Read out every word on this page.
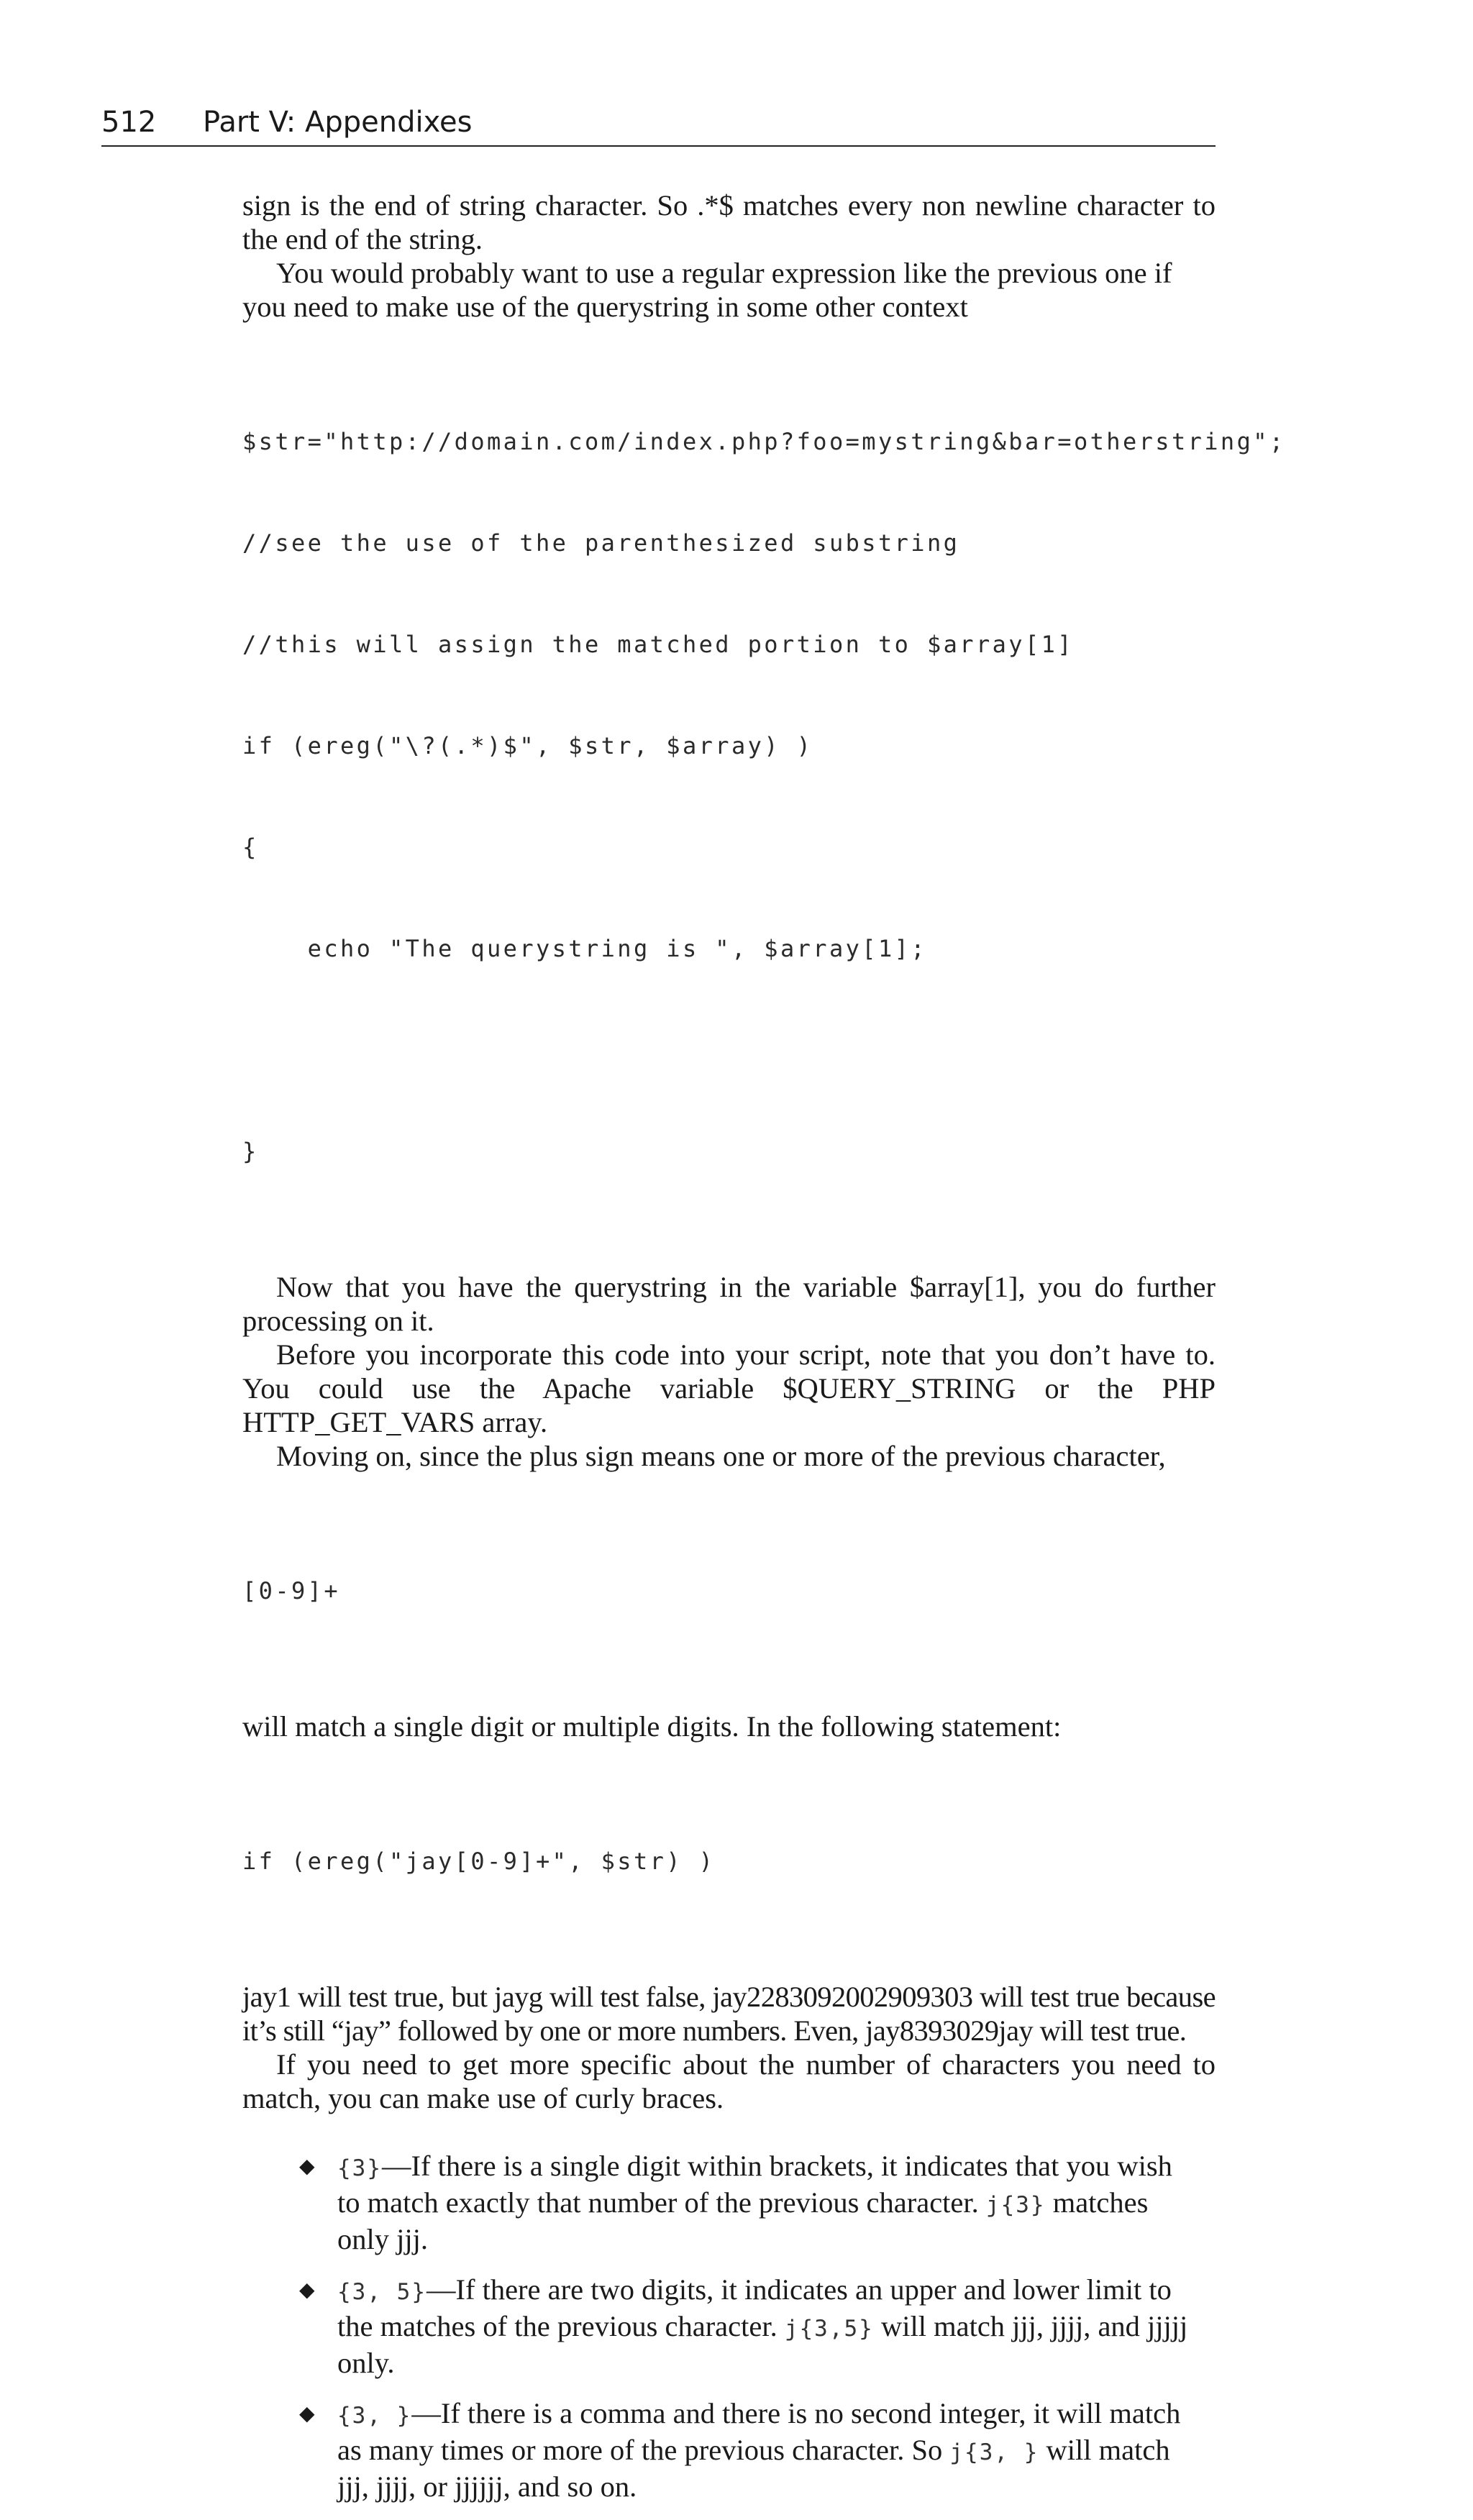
512 Part V: Appendixes

sign is the end of string character. So .*$ matches every non newline character to the end of the string.

You would probably want to use a regular expression like the previous one if you need to make use of the querystring in some other context

$str="http://domain.com/index.php?foo=mystring&bar=otherstring";

//see the use of the parenthesized substring

//this will assign the matched portion to $array[1]

if (ereg("\?(.*)$", $str, $array) )

{

echo "The querystring is ", $array[1];

}

Now that you have the querystring in the variable $array[1], you do further processing on it.

Before you incorporate this code into your script, note that you don’t have to. You could use the Apache variable $QUERY_STRING or the PHP HTTP_GET_VARS array.

Moving on, since the plus sign means one or more of the previous character,

[0-9]+

will match a single digit or multiple digits. In the following statement:

if (ereg("jay[0-9]+", $str) )

jay1 will test true, but jayg will test false, jay2283092002909303 will test true because it’s still “jay” followed by one or more numbers. Even, jay8393029jay will test true.

If you need to get more specific about the number of characters you need to match, you can make use of curly braces.

◆ {3}—If there is a single digit within brackets, it indicates that you wish to match exactly that number of the previous character. j{3} matches only jjj.
◆ {3, 5}—If there are two digits, it indicates an upper and lower limit to the matches of the previous character. j{3,5} will match jjj, jjjj, and jjjjj only.
◆ {3, }—If there is a comma and there is no second integer, it will match as many times or more of the previous character. So j{3, } will match jjj, jjjj, or jjjjjj, and so on.
